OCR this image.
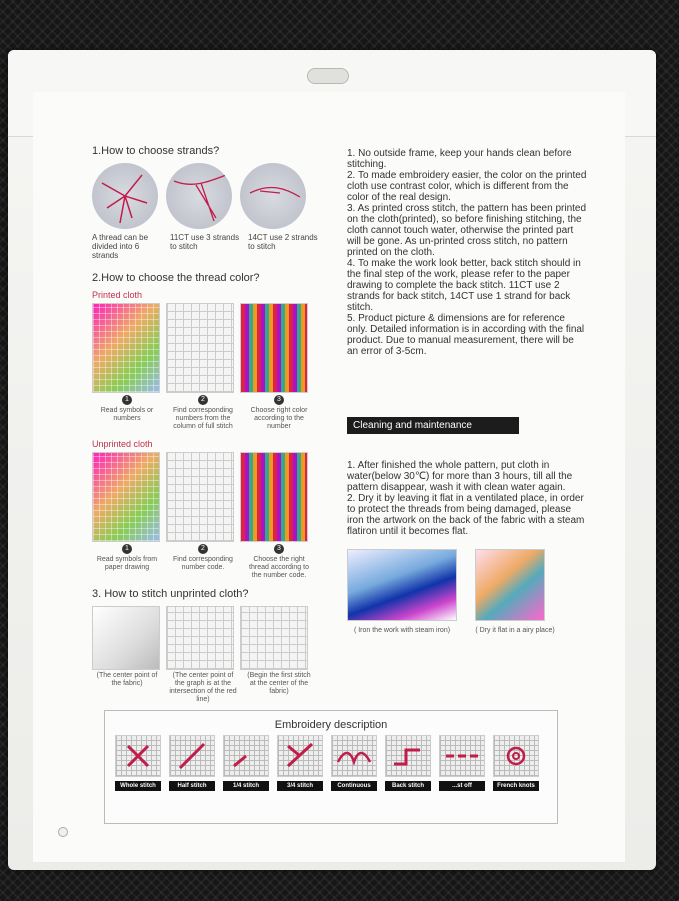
1.How to choose strands?

A thread can be divided into 6 strands
11CT use 3 strands to stitch
14CT use 2 strands to stitch

2.How to choose the thread color?

Printed cloth

1
Read symbols or numbers
2
Find corresponding numbers from the column of full stitch
3
Choose right color according to the number

Unprinted cloth

1
Read symbols from paper drawing
2
Find corresponding number code.
3
Choose the right thread according to the number code.

3. How to stitch unprinted cloth?

(The center point of the fabric)
(The center point of the graph is at the intersection of the red line)
(Begin the first stitch at the center of the fabric)

1. No outside frame, keep your hands clean before stitching.

2. To made embroidery easier, the color on the printed cloth use contrast color, which is different from the color of the real design.

3. As printed cross stitch, the pattern has been printed on the cloth(printed), so before finishing stitching, the cloth cannot touch water, otherwise the printed part will be gone. As un-printed cross stitch, no pattern printed on the cloth.

4. To make the work look better, back stitch should in the final step of the work, please refer to the paper drawing to complete the back stitch. 11CT use 2 strands for back stitch, 14CT use 1 strand for back stitch.

5. Product picture & dimensions are for reference only. Detailed information is in according with the final product. Due to manual measurement, there will be an error of 3-5cm.

Cleaning and maintenance

1. After finished the whole pattern, put cloth in water(below 30℃) for more than 3 hours, till all the pattern disappear, wash it with clean water again.

2. Dry it by leaving it flat in a ventilated place, in order to protect the threads from being damaged, please iron the artwork on the back of the fabric with a steam flatiron until it becomes flat.

( Iron the work with steam iron)	( Dry it flat in a airy place)
Embroidery description
Whole stitch	Half stitch	1/4 stitch	3/4 stitch	Continuous	Back stitch	...st off	French knots
